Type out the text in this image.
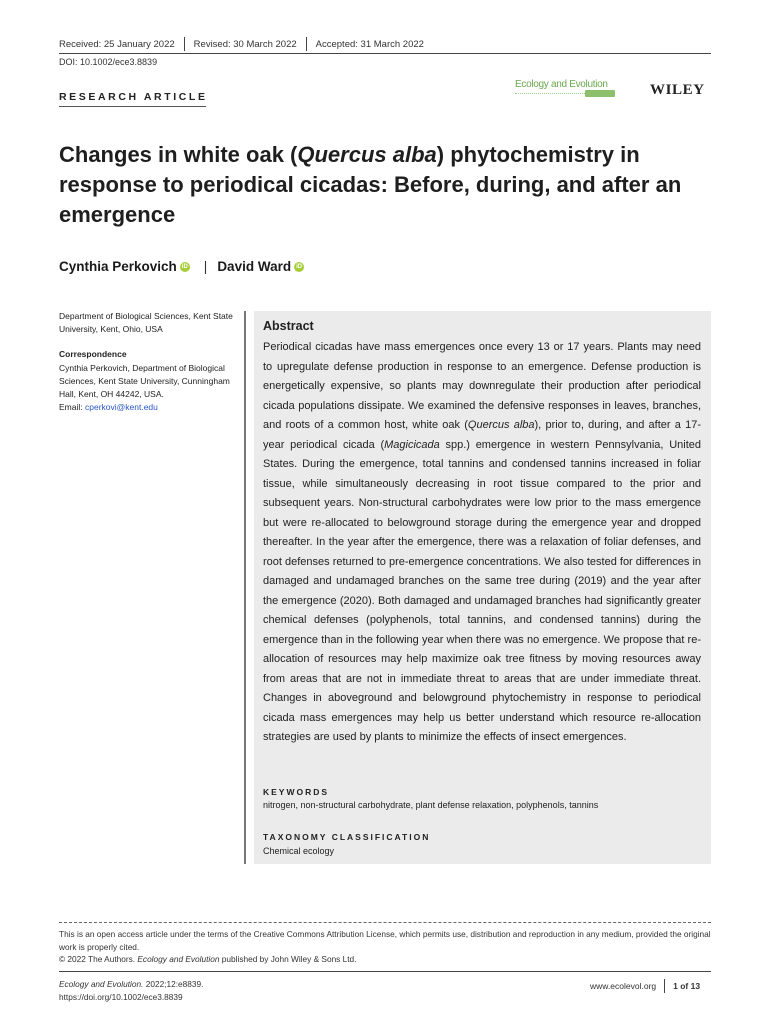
Received: 25 January 2022 Revised: 30 March 2022 Accepted: 31 March 2022
DOI: 10.1002/ece3.8839
RESEARCH ARTICLE
Ecology and Evolution	WILEY
Changes in white oak (Quercus alba) phytochemistry in response to periodical cicadas: Before, during, and after an emergence
Cynthia Perkovich iD | David Ward iD
Department of Biological Sciences, Kent State University, Kent, Ohio, USA
Correspondence
Cynthia Perkovich, Department of Biological Sciences, Kent State University, Cunningham Hall, Kent, OH 44242, USA.
Email: cperkovi@kent.edu
Abstract

Periodical cicadas have mass emergences once every 13 or 17 years. Plants may need to upregulate defense production in response to an emergence. Defense production is energetically expensive, so plants may downregulate their production after periodical cicada populations dissipate. We examined the defensive responses in leaves, branches, and roots of a common host, white oak (Quercus alba), prior to, during, and after a 17-year periodical cicada (Magicicada spp.) emergence in western Pennsylvania, United States. During the emergence, total tannins and condensed tannins increased in foliar tissue, while simultaneously decreasing in root tissue compared to the prior and subsequent years. Non-structural carbohydrates were low prior to the mass emergence but were re-allocated to belowground storage during the emergence year and dropped thereafter. In the year after the emergence, there was a relaxation of foliar defenses, and root defenses returned to pre-emergence concentrations. We also tested for differences in damaged and undamaged branches on the same tree during (2019) and the year after the emergence (2020). Both damaged and undamaged branches had significantly greater chemical defenses (polyphenols, total tannins, and condensed tannins) during the emergence than in the following year when there was no emergence. We propose that re-allocation of resources may help maximize oak tree fitness by moving resources away from areas that are not in immediate threat to areas that are under immediate threat. Changes in aboveground and belowground phytochemistry in response to periodical cicada mass emergences may help us better understand which resource re-allocation strategies are used by plants to minimize the effects of insect emergences.

KEYWORDS
nitrogen, non-structural carbohydrate, plant defense relaxation, polyphenols, tannins
TAXONOMY CLASSIFICATION
Chemical ecology

This is an open access article under the terms of the Creative Commons Attribution License, which permits use, distribution and reproduction in any medium, provided the original work is properly cited.

© 2022 The Authors. Ecology and Evolution published by John Wiley & Sons Ltd.
Ecology and Evolution. 2022;12:e8839.
https://doi.org/10.1002/ece3.8839
www.ecolevol.org 1 of 13
